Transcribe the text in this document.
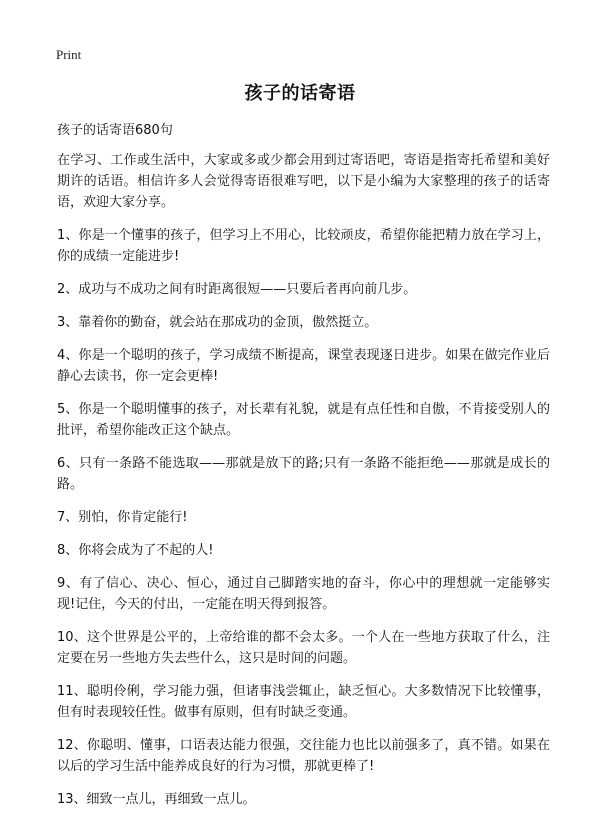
Print
孩子的话寄语
孩子的话寄语680句

在学习、工作或生活中，大家或多或少都会用到过寄语吧，寄语是指寄托希望和美好期许的话语。相信许多人会觉得寄语很难写吧，以下是小编为大家整理的孩子的话寄语，欢迎大家分享。

1、你是一个懂事的孩子，但学习上不用心，比较顽皮，希望你能把精力放在学习上，你的成绩一定能进步!

2、成功与不成功之间有时距离很短——只要后者再向前几步。

3、靠着你的勤奋，就会站在那成功的金顶，傲然挺立。

4、你是一个聪明的孩子，学习成绩不断提高，课堂表现逐日进步。如果在做完作业后静心去读书，你一定会更棒!

5、你是一个聪明懂事的孩子，对长辈有礼貌，就是有点任性和自傲，不肯接受别人的批评，希望你能改正这个缺点。

6、只有一条路不能选取——那就是放下的路;只有一条路不能拒绝——那就是成长的路。

7、别怕，你肯定能行!

8、你将会成为了不起的人!

9、有了信心、决心、恒心，通过自己脚踏实地的奋斗，你心中的理想就一定能够实现!记住，今天的付出，一定能在明天得到报答。

10、这个世界是公平的，上帝给谁的都不会太多。一个人在一些地方获取了什么，注定要在另一些地方失去些什么，这只是时间的问题。

11、聪明伶俐，学习能力强，但诸事浅尝辄止，缺乏恒心。大多数情况下比较懂事，但有时表现较任性。做事有原则，但有时缺乏变通。

12、你聪明、懂事，口语表达能力很强，交往能力也比以前强多了，真不错。如果在以后的学习生活中能养成良好的行为习惯，那就更棒了!

13、细致一点儿，再细致一点儿。
